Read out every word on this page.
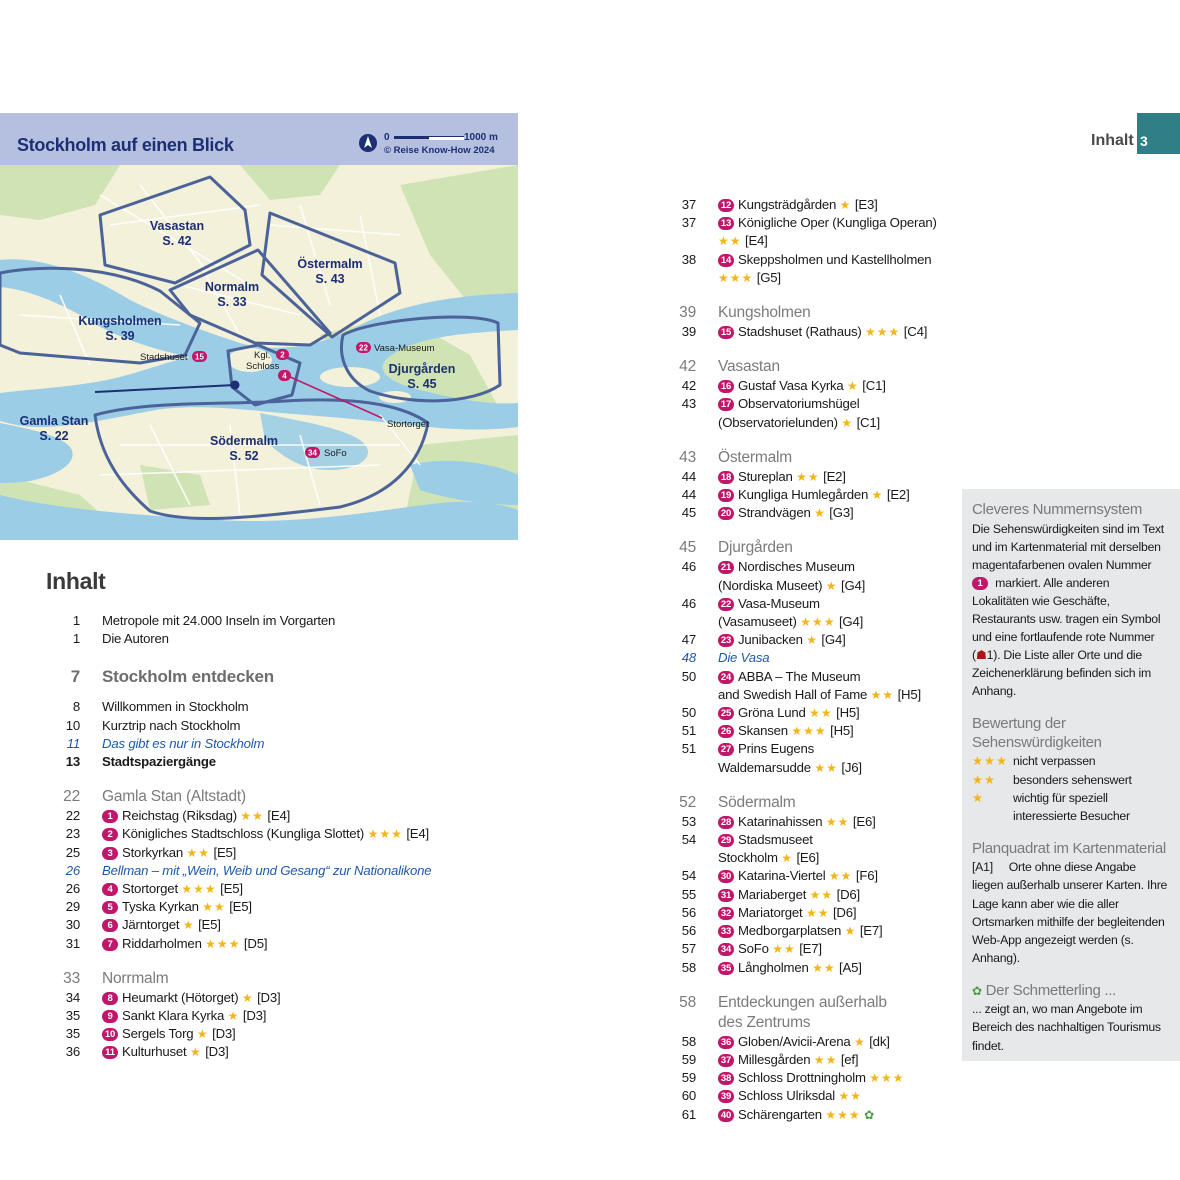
Stockholm auf einen Blick	0	1000 m
© Reise Know-How 2024
Vasastan
S. 42
Östermalm
S. 43
Normalm
S. 33
Kungsholmen
S. 39
Djurgården
S. 45
Gamla Stan
S. 22	Södermalm
S. 52
22 Vasa-Museum
Stadshuset 15	Kgl.
Schloss
2
4
Stortorget
34 SoFo
Inhalt 3
Inhalt
1 Metropole mit 24.000 Inseln im Vorgarten
1 Die Autoren
7 Stockholm entdecken
8 Willkommen in Stockholm
10 Kurztrip nach Stockholm
11 Das gibt es nur in Stockholm
13 Stadtspaziergänge
22 Gamla Stan (Altstadt)
22	1 Reichstag (Riksdag) ★★ [E4]
23	2 Königliches Stadtschloss (Kungliga Slottet) ★★★ [E4]
25	3 Storkyrkan ★★ [E5]
26 Bellman – mit „Wein, Weib und Gesang“ zur Nationalikone
26	4 Stortorget ★★★ [E5]
29	5 Tyska Kyrkan ★★ [E5]
30	6 Järntorget ★ [E5]
31	7 Riddarholmen ★★★ [D5]
33 Norrmalm
34	8 Heumarkt (Hötorget) ★ [D3]
35	9 Sankt Klara Kyrka ★ [D3]
35	10 Sergels Torg ★ [D3]
36	11 Kulturhuset ★ [D3]
37	12 Kungsträdgården ★ [E3]
37	13 Königliche Oper (Kungliga Operan) ★★ [E4]
38	14 Skeppsholmen und Kastellholmen ★★★ [G5]
39 Kungsholmen
39	15 Stadshuset (Rathaus) ★★★ [C4]
42 Vasastan
42	16 Gustaf Vasa Kyrka ★ [C1]
43	17 Observatoriumshügel (Observatorielunden) ★ [C1]
43 Östermalm
44	18 Stureplan ★★ [E2]
44	19 Kungliga Humlegården ★ [E2]
45	20 Strandvägen ★ [G3]
45 Djurgården
46	21 Nordisches Museum
(Nordiska Museet) ★ [G4]
46	22 Vasa-Museum
(Vasamuseet) ★★★ [G4]
47	23 Junibacken ★ [G4]
48 Die Vasa
50	24 ABBA – The Museum
and Swedish Hall of Fame ★★ [H5]
50	25 Gröna Lund ★★ [H5]
51	26 Skansen ★★★ [H5]
51	27 Prins Eugens
Waldemarsudde ★★ [J6]
52 Södermalm
53	28 Katarinahissen ★★ [E6]
54	29 Stadsmuseet
Stockholm ★ [E6]
54	30 Katarina-Viertel ★★ [F6]
55	31 Mariaberget ★★ [D6]
56	32 Mariatorget ★★ [D6]
56	33 Medborgarplatsen ★ [E7]
57	34 SoFo ★★ [E7]
58	35 Långholmen ★★ [A5]
58 Entdeckungen außerhalb
des Zentrums
58	36 Globen/Avicii-Arena ★ [dk]
59	37 Millesgården ★★ [ef]
59	38 Schloss Drottningholm ★★★
60	39 Schloss Ulriksdal ★★
61	40 Schärengarten ★★★ ✿
Cleveres Nummernsystem

Die Sehenswürdigkeiten sind im Text und im Kartenmaterial mit derselben magentafarbenen ovalen Nummer 1 markiert. Alle anderen Lokalitäten wie Geschäfte, Restaurants usw. tragen ein Symbol und eine fortlaufende rote Nummer (☗1). Die Liste aller Orte und die Zeichenerklärung befinden sich im Anhang.

Bewertung der Sehenswürdigkeiten
★★★ nicht verpassen
★★	besonders sehenswert
★	wichtig für speziell
interessierte Besucher
Planquadrat im Kartenmaterial

[A1]     Orte ohne diese Angabe liegen außerhalb unserer Karten. Ihre Lage kann aber wie die aller Ortsmarken mithilfe der begleitenden Web-App angezeigt werden (s. Anhang).

✿ Der Schmetterling ...

... zeigt an, wo man Angebote im Bereich des nachhaltigen Tourismus findet.
